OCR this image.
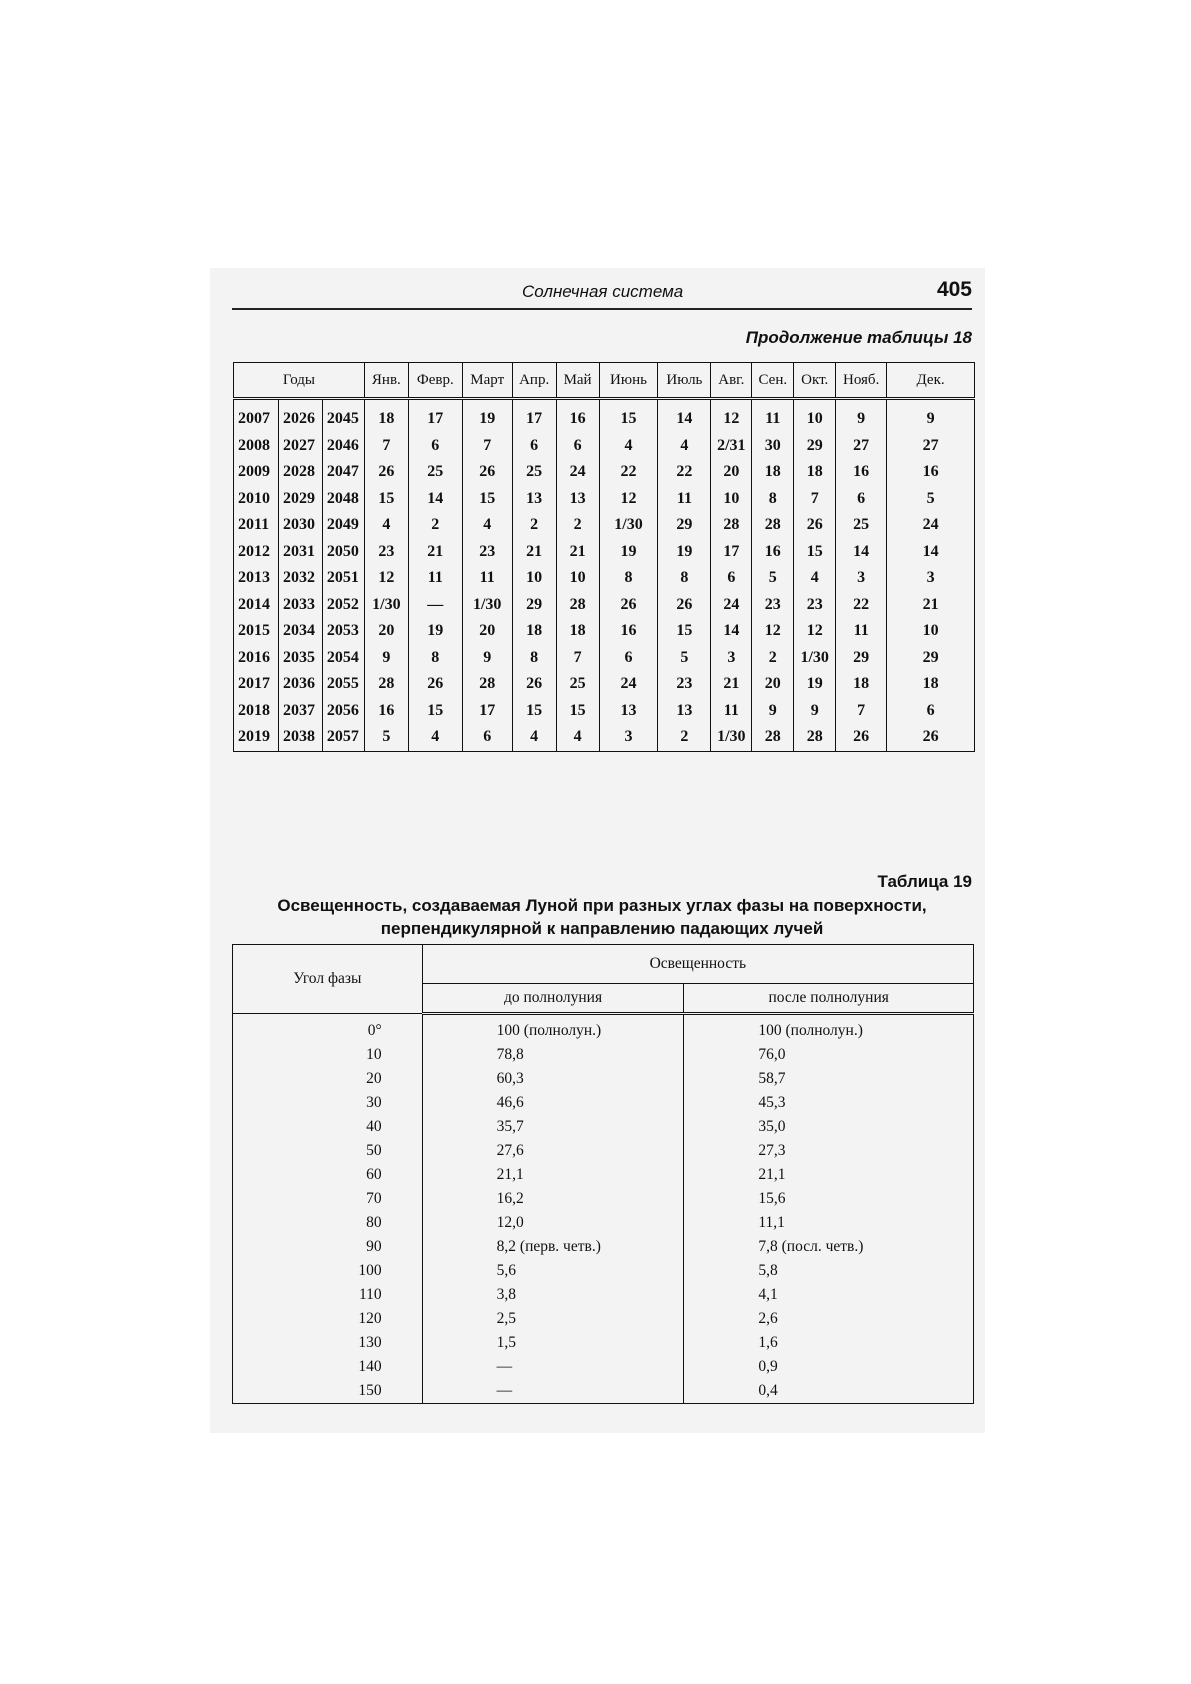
Солнечная система	405
Продолжение таблицы 18
Годы			Янв.	Февр.	Март	Апр.	Май	Июнь	Июль	Авг.	Сен.	Окт.	Нояб.	Дек.
2007	2026	2045	18	17	19	17	16	15	14	12	11	10	9	9
2008	2027	2046	7	6	7	6	6	4	4	2/31	30	29	27	27
2009	2028	2047	26	25	26	25	24	22	22	20	18	18	16	16
2010	2029	2048	15	14	15	13	13	12	11	10	8	7	6	5
2011	2030	2049	4	2	4	2	2	1/30	29	28	28	26	25	24
2012	2031	2050	23	21	23	21	21	19	19	17	16	15	14	14
2013	2032	2051	12	11	11	10	10	8	8	6	5	4	3	3
2014	2033	2052	1/30	—	1/30	29	28	26	26	24	23	23	22	21
2015	2034	2053	20	19	20	18	18	16	15	14	12	12	11	10
2016	2035	2054	9	8	9	8	7	6	5	3	2	1/30	29	29
2017	2036	2055	28	26	28	26	25	24	23	21	20	19	18	18
2018	2037	2056	16	15	17	15	15	13	13	11	9	9	7	6
2019	2038	2057	5	4	6	4	4	3	2	1/30	28	28	26	26
Таблица 19
Освещенность, создаваемая Луной при разных углах фазы на поверхности,
перпендикулярной к направлению падающих лучей
Угол фазы	Освещенность	
	до полнолуния	после полнолуния
0°	100 (полнолун.)	100 (полнолун.)
10	78,8	76,0
20	60,3	58,7
30	46,6	45,3
40	35,7	35,0
50	27,6	27,3
60	21,1	21,1
70	16,2	15,6
80	12,0	11,1
90	8,2 (перв. четв.)	7,8 (посл. четв.)
100	5,6	5,8
110	3,8	4,1
120	2,5	2,6
130	1,5	1,6
140	—	0,9
150	—	0,4
